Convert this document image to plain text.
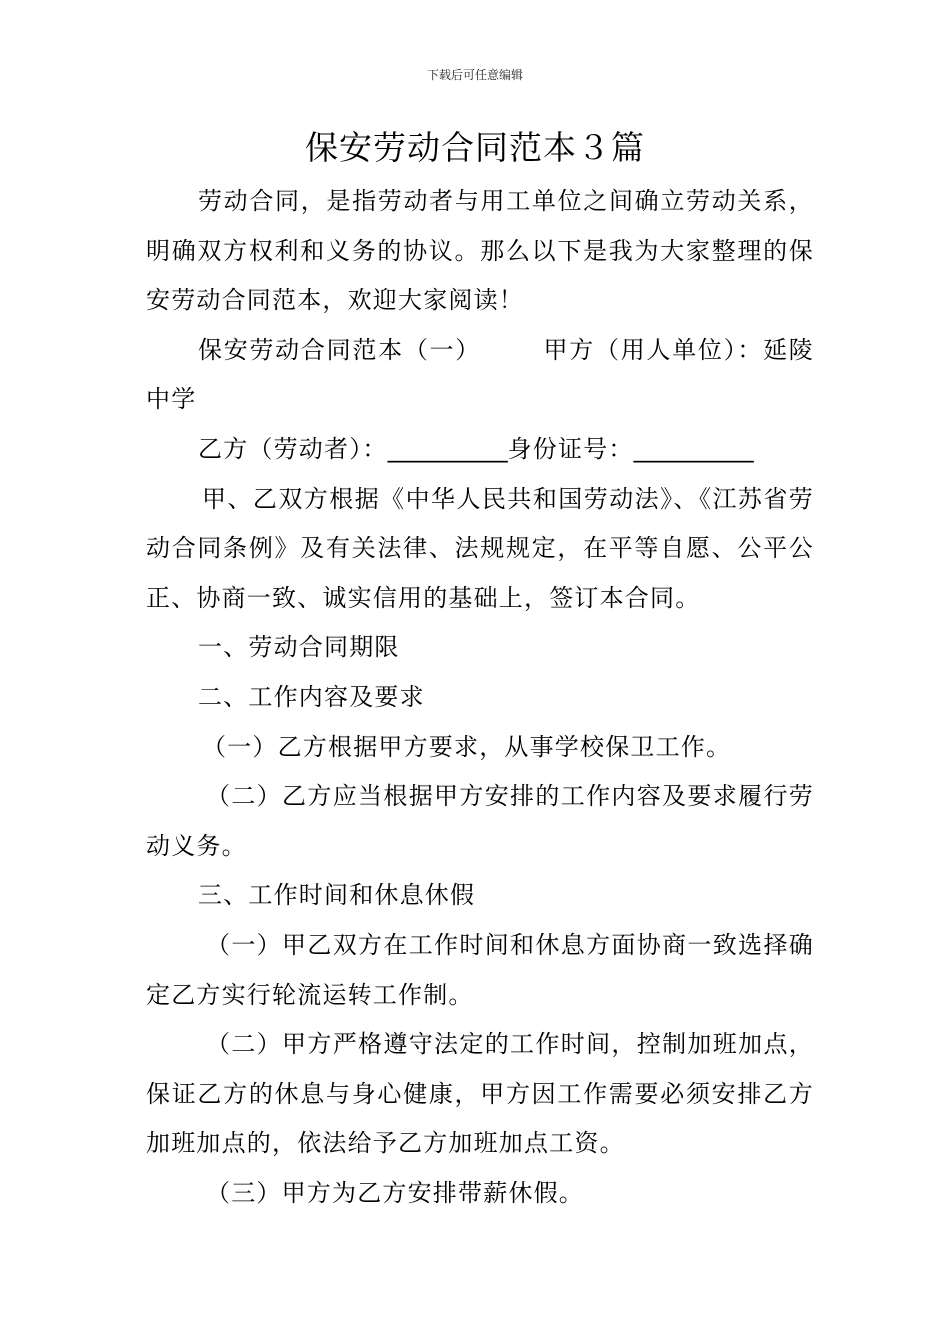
下载后可任意编辑
保安劳动合同范本３篇

劳动合同，是指劳动者与用工单位之间确立劳动关系，明确双方权利和义务的协议。那么以下是我为大家整理的保安劳动合同范本，欢迎大家阅读！

保安劳动合同范本（一）	甲方（用人单位）：延陵中学

乙方（劳动者）：__________身份证号：__________

甲、乙双方根据《中华人民共和国劳动法》、《江苏省劳动合同条例》及有关法律、法规规定，在平等自愿、公平公正、协商一致、诚实信用的基础上，签订本合同。

一、劳动合同期限

二、工作内容及要求

（一）乙方根据甲方要求，从事学校保卫工作。

（二）乙方应当根据甲方安排的工作内容及要求履行劳动义务。

三、工作时间和休息休假

（一）甲乙双方在工作时间和休息方面协商一致选择确定乙方实行轮流运转工作制。

（二）甲方严格遵守法定的工作时间，控制加班加点，保证乙方的休息与身心健康，甲方因工作需要必须安排乙方加班加点的，依法给予乙方加班加点工资。

（三）甲方为乙方安排带薪休假。
